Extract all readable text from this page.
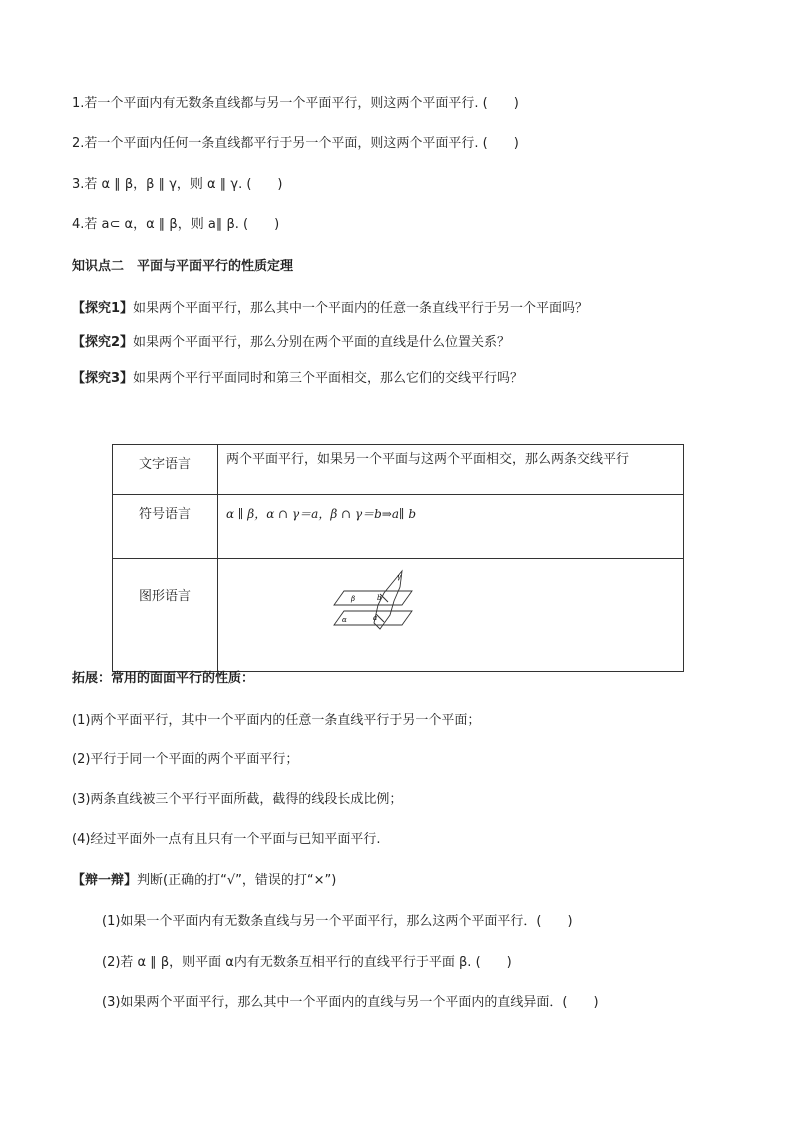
1.若一个平面内有无数条直线都与另一个平面平行，则这两个平面平行. (　　)
2.若一个平面内任何一条直线都平行于另一个平面，则这两个平面平行. (　　)
3.若 α ∥ β，β ∥ γ，则 α ∥ γ. (　　)
4.若 a⊂ α，α ∥ β，则 a∥ β. (　　)
知识点二　平面与平面平行的性质定理
【探究1】如果两个平面平行，那么其中一个平面内的任意一条直线平行于另一个平面吗？
【探究2】如果两个平面平行，那么分别在两个平面的直线是什么位置关系？
【探究3】如果两个平行平面同时和第三个平面相交，那么它们的交线平行吗？
文字语言	两个平面平行，如果另一个平面与这两个平面相交，那么两条交线平行
符号语言	α ∥ β，α ∩ γ＝a，β ∩ γ＝b⇒a∥ b
图形语言	γ
β b
α a
拓展：常用的面面平行的性质：
(1)两个平面平行，其中一个平面内的任意一条直线平行于另一个平面；
(2)平行于同一个平面的两个平面平行；
(3)两条直线被三个平行平面所截，截得的线段长成比例；
(4)经过平面外一点有且只有一个平面与已知平面平行.
【辩一辩】判断(正确的打“√”，错误的打“×”)
(1)如果一个平面内有无数条直线与另一个平面平行，那么这两个平面平行．(　　)
(2)若 α ∥ β，则平面 α内有无数条互相平行的直线平行于平面 β. (　　)
(3)如果两个平面平行，那么其中一个平面内的直线与另一个平面内的直线异面．(　　)
